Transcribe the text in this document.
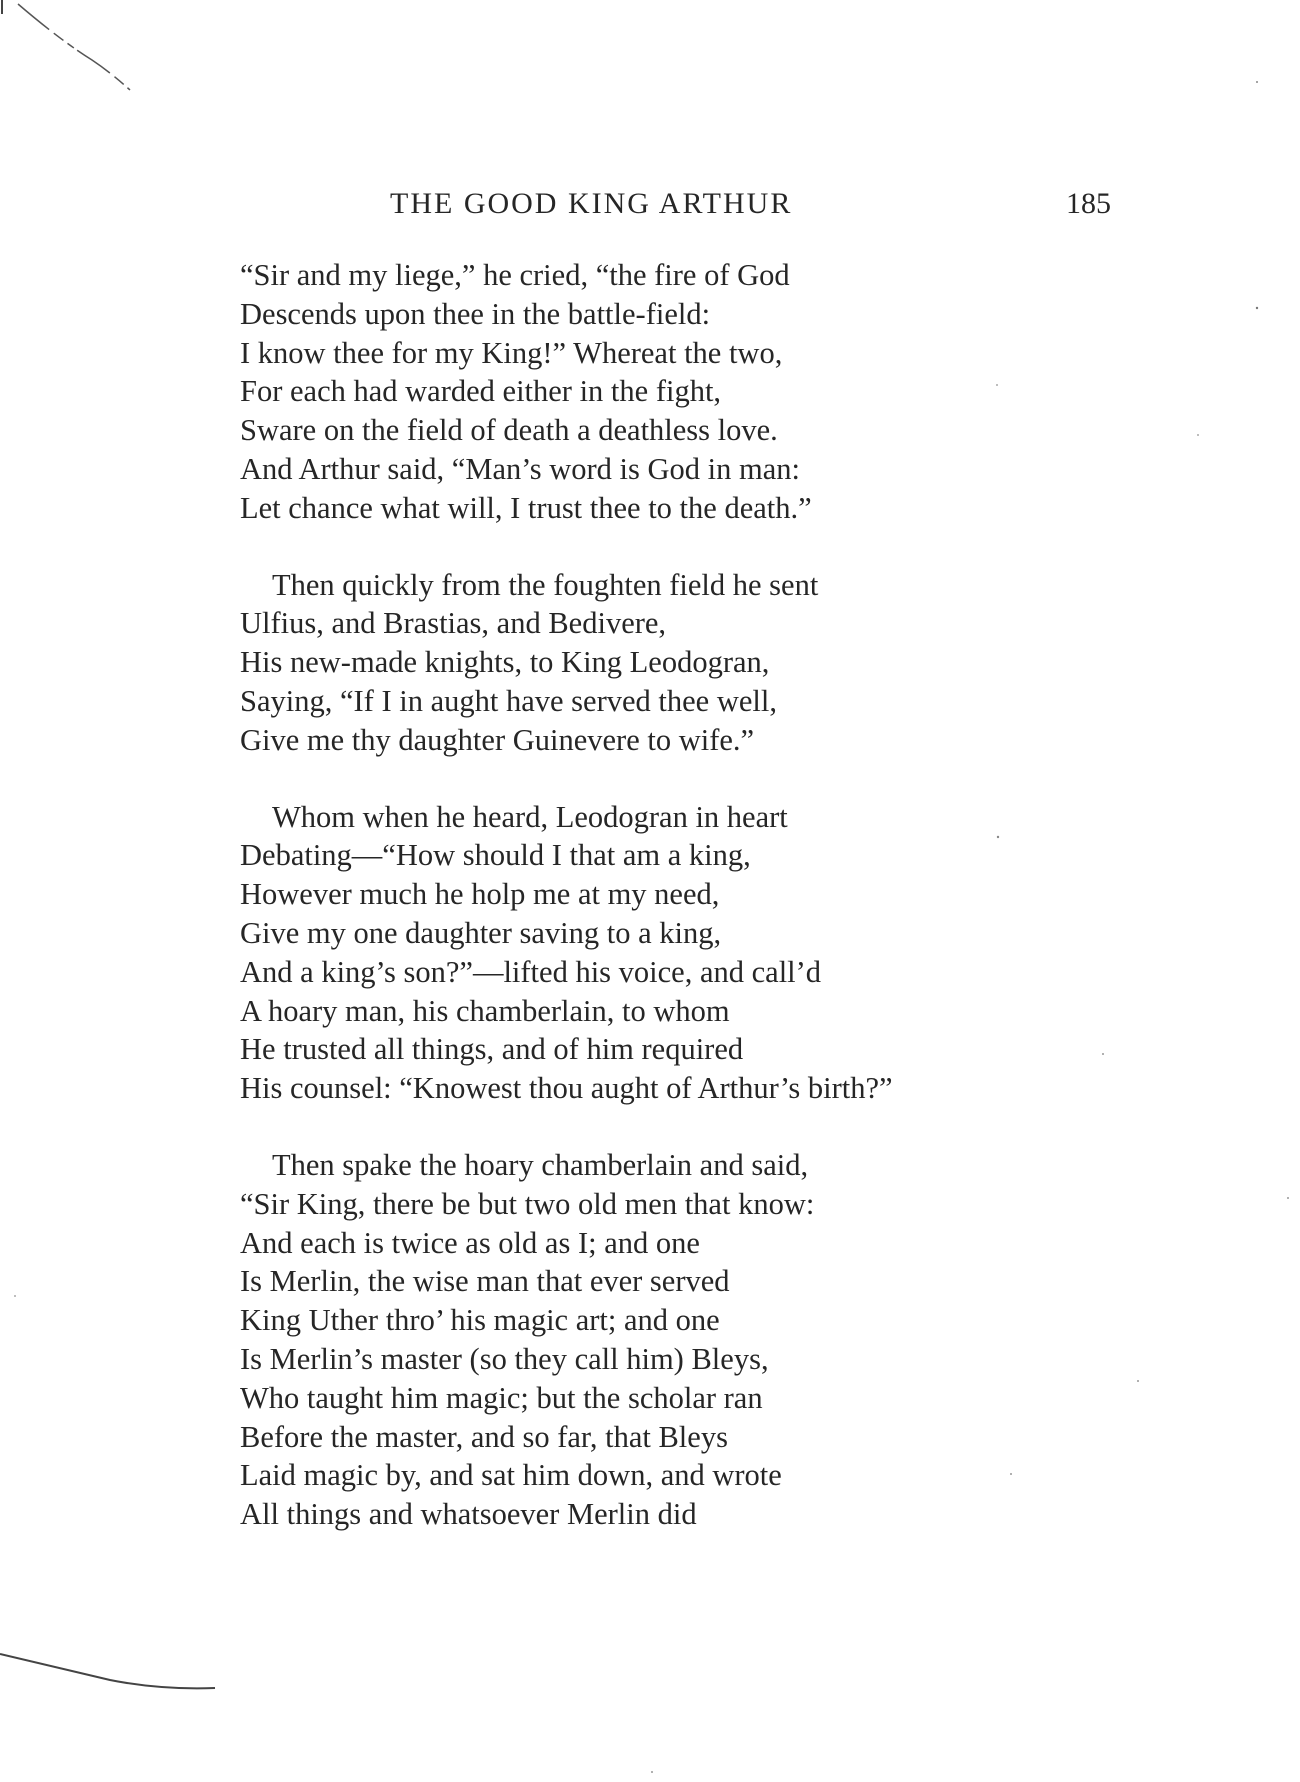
THE GOOD KING ARTHUR	185
“Sir and my liege,” he cried, “the fire of God
Descends upon thee in the battle-field:
I know thee for my King!” Whereat the two,
For each had warded either in the fight,
Sware on the field of death a deathless love.
And Arthur said, “Man’s word is God in man:
Let chance what will, I trust thee to the death.”
Then quickly from the foughten field he sent
Ulfius, and Brastias, and Bedivere,
His new-made knights, to King Leodogran,
Saying, “If I in aught have served thee well,
Give me thy daughter Guinevere to wife.”
Whom when he heard, Leodogran in heart
Debating—“How should I that am a king,
However much he holp me at my need,
Give my one daughter saving to a king,
And a king’s son?”—lifted his voice, and call’d
A hoary man, his chamberlain, to whom
He trusted all things, and of him required
His counsel: “Knowest thou aught of Arthur’s birth?”
Then spake the hoary chamberlain and said,
“Sir King, there be but two old men that know:
And each is twice as old as I; and one
Is Merlin, the wise man that ever served
King Uther thro’ his magic art; and one
Is Merlin’s master (so they call him) Bleys,
Who taught him magic; but the scholar ran
Before the master, and so far, that Bleys
Laid magic by, and sat him down, and wrote
All things and whatsoever Merlin did
